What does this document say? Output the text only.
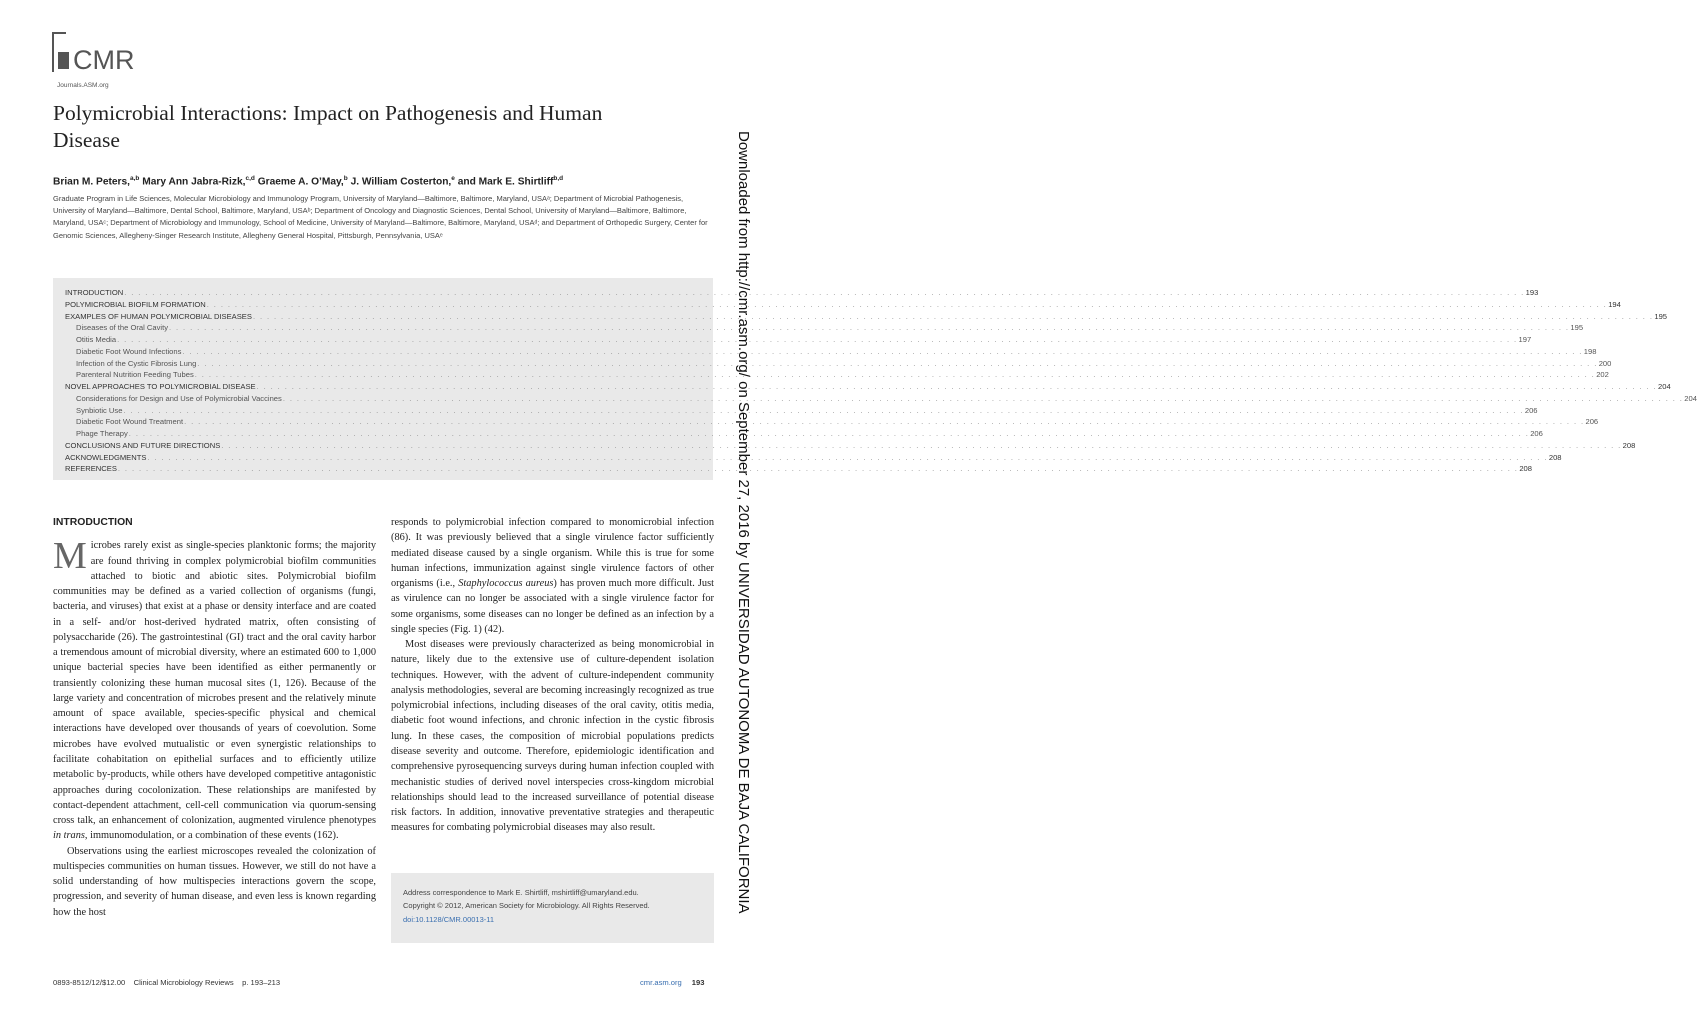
CMR
Journals.ASM.org
Polymicrobial Interactions: Impact on Pathogenesis and Human Disease
Brian M. Peters,$^{a,b}$ Mary Ann Jabra-Rizk,$^{c,d}$ Graeme A. O’May,$^b$ J. William Costerton,$^e$ and Mark E. Shirtliff$^{b,d}$
Graduate Program in Life Sciences, Molecular Microbiology and Immunology Program, University of Maryland—Baltimore, Baltimore, Maryland, USAᵃ; Department of Microbial Pathogenesis, University of Maryland—Baltimore, Dental School, Baltimore, Maryland, USAᵇ; Department of Oncology and Diagnostic Sciences, Dental School, University of Maryland—Baltimore, Baltimore, Maryland, USAᶜ; Department of Microbiology and Immunology, School of Medicine, University of Maryland—Baltimore, Baltimore, Maryland, USAᵈ; and Department of Orthopedic Surgery, Center for Genomic Sciences, Allegheny-Singer Research Institute, Allegheny General Hospital, Pittsburgh, Pennsylvania, USAᵉ
INTRODUCTION . . . . . . . . . . . . . . . . . . . . . . . . . . . . . . . . . . . . . . . . . . . . . . . . . . . . . . . . . . . . . . . . . . . . . . . . . . . . . . . . . . . . . . . . . . . . . . . . . . . . . . . . . . . . . . . . . . . . . . . . . . . . . . . . . . . . . . . . . . . . . . . . . . . . . . . . . . . . . . . . . . . . . . . . . . . . . . . . . . . . . . . . . . . . . . . . . . . . . . . . 193
POLYMICROBIAL BIOFILM FORMATION . . . . . . . . . . . . . . . . . . . . . . . . . . . . . . . . . . . . . . . . . . . . . . . . . . . . . . . . . . . . . . . . . . . . . . . . . . . . . . . . . . . . . . . . . . . . . . . . . . . . . . . . . . . . . . . . . . . . . . . . . . . . . . . . . . . . . . . . . . . . . . . . . . . . . . . . . . . . . . . . . . . . . . . . . . . . . . . . . . . . . . . . . . . . . . . . . . . . . . . . 194
EXAMPLES OF HUMAN POLYMICROBIAL DISEASES . . . . . . . . . . . . . . . . . . . . . . . . . . . . . . . . . . . . . . . . . . . . . . . . . . . . . . . . . . . . . . . . . . . . . . . . . . . . . . . . . . . . . . . . . . . . . . . . . . . . . . . . . . . . . . . . . . . . . . . . . . . . . . . . . . . . . . . . . . . . . . . . . . . . . . . . . . . . . . . . . . . . . . . . . . . . . . . . . . . . . . . . . . . . . . . . . . . . . . . . 195
Diseases of the Oral Cavity . . . . . . . . . . . . . . . . . . . . . . . . . . . . . . . . . . . . . . . . . . . . . . . . . . . . . . . . . . . . . . . . . . . . . . . . . . . . . . . . . . . . . . . . . . . . . . . . . . . . . . . . . . . . . . . . . . . . . . . . . . . . . . . . . . . . . . . . . . . . . . . . . . . . . . . . . . . . . . . . . . . . . . . . . . . . . . . . . . . . . . . . . . . . . . . . . . . . . . . . 195
Otitis Media . . . . . . . . . . . . . . . . . . . . . . . . . . . . . . . . . . . . . . . . . . . . . . . . . . . . . . . . . . . . . . . . . . . . . . . . . . . . . . . . . . . . . . . . . . . . . . . . . . . . . . . . . . . . . . . . . . . . . . . . . . . . . . . . . . . . . . . . . . . . . . . . . . . . . . . . . . . . . . . . . . . . . . . . . . . . . . . . . . . . . . . . . . . . . . . . . . . . . . . . 197
Diabetic Foot Wound Infections . . . . . . . . . . . . . . . . . . . . . . . . . . . . . . . . . . . . . . . . . . . . . . . . . . . . . . . . . . . . . . . . . . . . . . . . . . . . . . . . . . . . . . . . . . . . . . . . . . . . . . . . . . . . . . . . . . . . . . . . . . . . . . . . . . . . . . . . . . . . . . . . . . . . . . . . . . . . . . . . . . . . . . . . . . . . . . . . . . . . . . . . . . . . . . . . . . . . . . . . 198
Infection of the Cystic Fibrosis Lung . . . . . . . . . . . . . . . . . . . . . . . . . . . . . . . . . . . . . . . . . . . . . . . . . . . . . . . . . . . . . . . . . . . . . . . . . . . . . . . . . . . . . . . . . . . . . . . . . . . . . . . . . . . . . . . . . . . . . . . . . . . . . . . . . . . . . . . . . . . . . . . . . . . . . . . . . . . . . . . . . . . . . . . . . . . . . . . . . . . . . . . . . . . . . . . . . . . . . . . . 200
Parenteral Nutrition Feeding Tubes . . . . . . . . . . . . . . . . . . . . . . . . . . . . . . . . . . . . . . . . . . . . . . . . . . . . . . . . . . . . . . . . . . . . . . . . . . . . . . . . . . . . . . . . . . . . . . . . . . . . . . . . . . . . . . . . . . . . . . . . . . . . . . . . . . . . . . . . . . . . . . . . . . . . . . . . . . . . . . . . . . . . . . . . . . . . . . . . . . . . . . . . . . . . . . . . . . . . . . . . 202
NOVEL APPROACHES TO POLYMICROBIAL DISEASE . . . . . . . . . . . . . . . . . . . . . . . . . . . . . . . . . . . . . . . . . . . . . . . . . . . . . . . . . . . . . . . . . . . . . . . . . . . . . . . . . . . . . . . . . . . . . . . . . . . . . . . . . . . . . . . . . . . . . . . . . . . . . . . . . . . . . . . . . . . . . . . . . . . . . . . . . . . . . . . . . . . . . . . . . . . . . . . . . . . . . . . . . . . . . . . . . . . . . . . . 204
Considerations for Design and Use of Polymicrobial Vaccines . . . . . . . . . . . . . . . . . . . . . . . . . . . . . . . . . . . . . . . . . . . . . . . . . . . . . . . . . . . . . . . . . . . . . . . . . . . . . . . . . . . . . . . . . . . . . . . . . . . . . . . . . . . . . . . . . . . . . . . . . . . . . . . . . . . . . . . . . . . . . . . . . . . . . . . . . . . . . . . . . . . . . . . . . . . . . . . . . . . . . . . . . . . . . . . . . . . . . . . . 204
Synbiotic Use . . . . . . . . . . . . . . . . . . . . . . . . . . . . . . . . . . . . . . . . . . . . . . . . . . . . . . . . . . . . . . . . . . . . . . . . . . . . . . . . . . . . . . . . . . . . . . . . . . . . . . . . . . . . . . . . . . . . . . . . . . . . . . . . . . . . . . . . . . . . . . . . . . . . . . . . . . . . . . . . . . . . . . . . . . . . . . . . . . . . . . . . . . . . . . . . . . . . . . . . 206
Diabetic Foot Wound Treatment . . . . . . . . . . . . . . . . . . . . . . . . . . . . . . . . . . . . . . . . . . . . . . . . . . . . . . . . . . . . . . . . . . . . . . . . . . . . . . . . . . . . . . . . . . . . . . . . . . . . . . . . . . . . . . . . . . . . . . . . . . . . . . . . . . . . . . . . . . . . . . . . . . . . . . . . . . . . . . . . . . . . . . . . . . . . . . . . . . . . . . . . . . . . . . . . . . . . . . . . 206
Phage Therapy . . . . . . . . . . . . . . . . . . . . . . . . . . . . . . . . . . . . . . . . . . . . . . . . . . . . . . . . . . . . . . . . . . . . . . . . . . . . . . . . . . . . . . . . . . . . . . . . . . . . . . . . . . . . . . . . . . . . . . . . . . . . . . . . . . . . . . . . . . . . . . . . . . . . . . . . . . . . . . . . . . . . . . . . . . . . . . . . . . . . . . . . . . . . . . . . . . . . . . . . 206
CONCLUSIONS AND FUTURE DIRECTIONS . . . . . . . . . . . . . . . . . . . . . . . . . . . . . . . . . . . . . . . . . . . . . . . . . . . . . . . . . . . . . . . . . . . . . . . . . . . . . . . . . . . . . . . . . . . . . . . . . . . . . . . . . . . . . . . . . . . . . . . . . . . . . . . . . . . . . . . . . . . . . . . . . . . . . . . . . . . . . . . . . . . . . . . . . . . . . . . . . . . . . . . . . . . . . . . . . . . . . . . . 208
ACKNOWLEDGMENTS . . . . . . . . . . . . . . . . . . . . . . . . . . . . . . . . . . . . . . . . . . . . . . . . . . . . . . . . . . . . . . . . . . . . . . . . . . . . . . . . . . . . . . . . . . . . . . . . . . . . . . . . . . . . . . . . . . . . . . . . . . . . . . . . . . . . . . . . . . . . . . . . . . . . . . . . . . . . . . . . . . . . . . . . . . . . . . . . . . . . . . . . . . . . . . . . . . . . . . . . 208
REFERENCES . . . . . . . . . . . . . . . . . . . . . . . . . . . . . . . . . . . . . . . . . . . . . . . . . . . . . . . . . . . . . . . . . . . . . . . . . . . . . . . . . . . . . . . . . . . . . . . . . . . . . . . . . . . . . . . . . . . . . . . . . . . . . . . . . . . . . . . . . . . . . . . . . . . . . . . . . . . . . . . . . . . . . . . . . . . . . . . . . . . . . . . . . . . . . . . . . . . . . . . . 208
INTRODUCTION

Microbes rarely exist as single-species planktonic forms; the majority are found thriving in complex polymicrobial biofilm communities attached to biotic and abiotic sites. Polymicrobial biofilm communities may be defined as a varied collection of organisms (fungi, bacteria, and viruses) that exist at a phase or density interface and are coated in a self- and/or host-derived hydrated matrix, often consisting of polysaccharide (26). The gastrointestinal (GI) tract and the oral cavity harbor a tremendous amount of microbial diversity, where an estimated 600 to 1,000 unique bacterial species have been identified as either permanently or transiently colonizing these human mucosal sites (1, 126). Because of the large variety and concentration of microbes present and the relatively minute amount of space available, species-specific physical and chemical interactions have developed over thousands of years of coevolution. Some microbes have evolved mutualistic or even synergistic relationships to facilitate cohabitation on epithelial surfaces and to efficiently utilize metabolic by-products, while others have developed competitive antagonistic approaches during cocolonization. These relationships are manifested by contact-dependent attachment, cell-cell communication via quorum-sensing cross talk, an enhancement of colonization, augmented virulence phenotypes in trans, immunomodulation, or a combination of these events (162).

Observations using the earliest microscopes revealed the colonization of multispecies communities on human tissues. However, we still do not have a solid understanding of how multispecies interactions govern the scope, progression, and severity of human disease, and even less is known regarding how the host

responds to polymicrobial infection compared to monomicrobial infection (86). It was previously believed that a single virulence factor sufficiently mediated disease caused by a single organism. While this is true for some human infections, immunization against single virulence factors of other organisms (i.e., Staphylococcus aureus) has proven much more difficult. Just as virulence can no longer be associated with a single virulence factor for some organisms, some diseases can no longer be defined as an infection by a single species (Fig. 1) (42).

Most diseases were previously characterized as being monomicrobial in nature, likely due to the extensive use of culture-dependent isolation techniques. However, with the advent of culture-independent community analysis methodologies, several are becoming increasingly recognized as true polymicrobial infections, including diseases of the oral cavity, otitis media, diabetic foot wound infections, and chronic infection in the cystic fibrosis lung. In these cases, the composition of microbial populations predicts disease severity and outcome. Therefore, epidemiologic identification and comprehensive pyrosequencing surveys during human infection coupled with mechanistic studies of derived novel interspecies cross-kingdom microbial relationships should lead to the increased surveillance of potential disease risk factors. In addition, innovative preventative strategies and therapeutic measures for combating polymicrobial diseases may also result.

Address correspondence to Mark E. Shirtliff, mshirtliff@umaryland.edu.
Copyright © 2012, American Society for Microbiology. All Rights Reserved.
doi:10.1128/CMR.00013-11
0893-8512/12/$12.00    Clinical Microbiology Reviews    p. 193–213	cmr.asm.org 193
Downloaded from http://cmr.asm.org/ on September 27, 2016 by UNIVERSIDAD AUTONOMA DE BAJA CALIFORNIA
